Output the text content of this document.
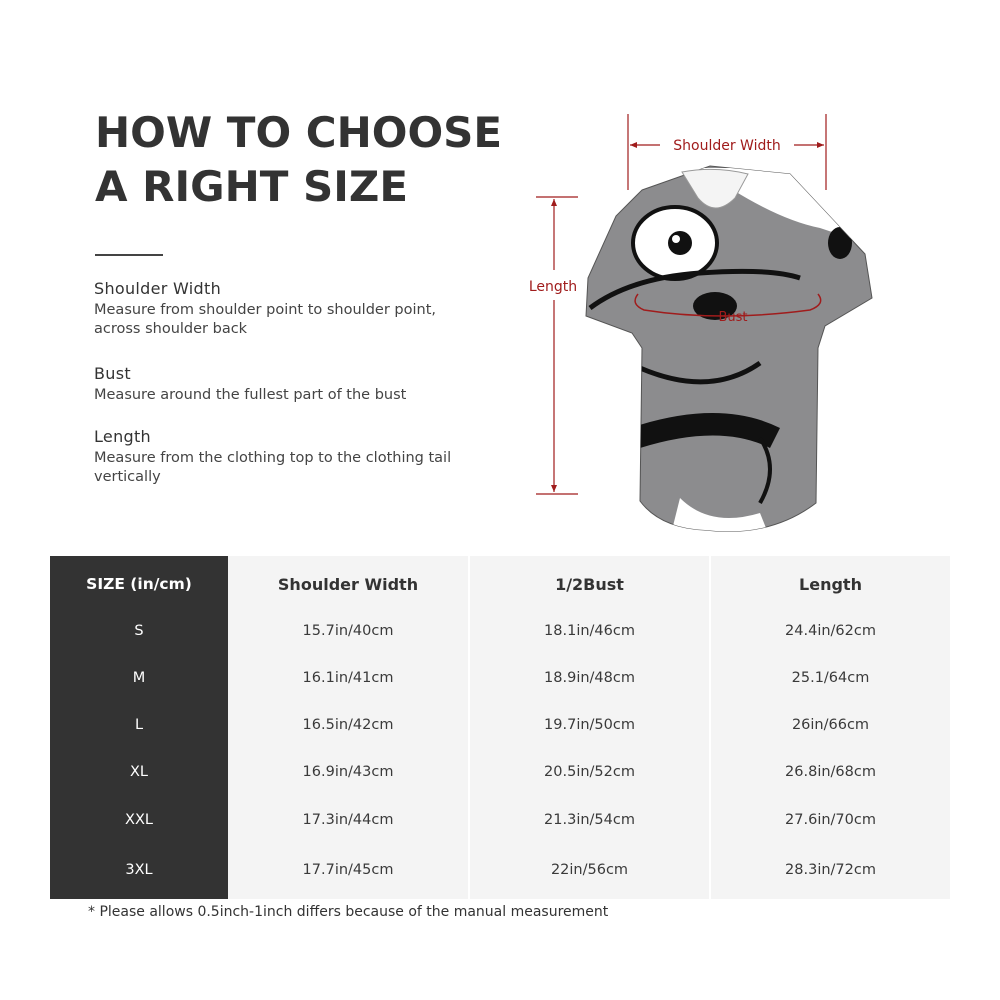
HOW TO CHOOSE
A RIGHT SIZE
Shoulder Width

Measure from shoulder point to shoulder point, across shoulder back

Bust

Measure around the fullest part of the bust

Length

Measure from the clothing top to the clothing tail vertically

Shoulder Width
Length
Bust
SIZE (in/cm)
S
M
L
XL
XXL
3XL
Shoulder Width
15.7in/40cm
16.1in/41cm
16.5in/42cm
16.9in/43cm
17.3in/44cm
17.7in/45cm
1/2Bust
18.1in/46cm
18.9in/48cm
19.7in/50cm
20.5in/52cm
21.3in/54cm
22in/56cm
Length
24.4in/62cm
25.1/64cm
26in/66cm
26.8in/68cm
27.6in/70cm
28.3in/72cm
* Please allows 0.5inch-1inch differs because of the manual measurement
